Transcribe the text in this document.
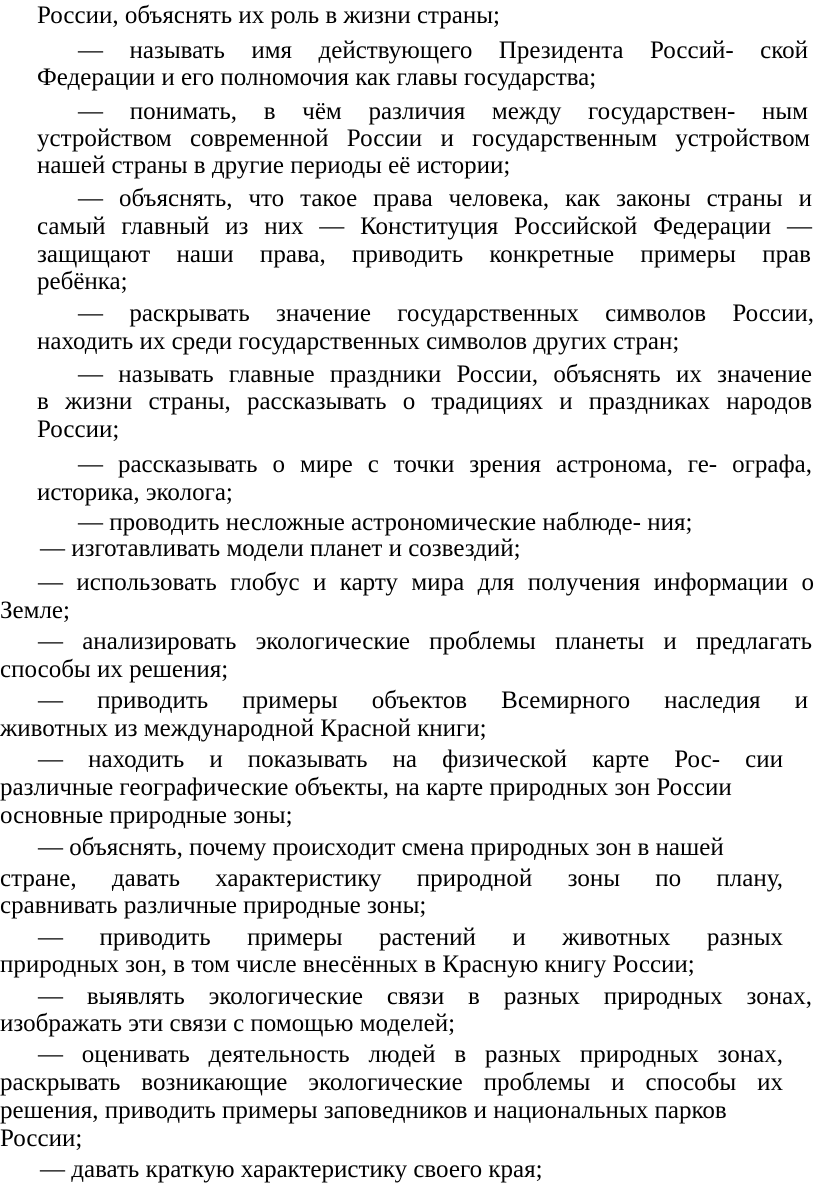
России, объяснять их роль в жизни страны;
— называть имя действующего Президента Россий- ской
Федерации и его полномочия как главы государства;
— понимать, в чём различия между государствен- ным
устройством современной России и государственным устройством
нашей страны в другие периоды её истории;
— объяснять, что такое права человека, как законы страны и
самый главный из них — Конституция Российской Федерации —
защищают наши права, приводить конкретные примеры прав
ребёнка;
— раскрывать значение государственных символов России,
находить их среди государственных символов других стран;
— называть главные праздники России, объяснять их значение
в жизни страны, рассказывать о традициях и праздниках народов
России;
— рассказывать о мире с точки зрения астронома, ге- ографа,
историка, эколога;
— проводить несложные астрономические наблюде- ния;
— изготавливать модели планет и созвездий;
— использовать глобус и карту мира для получения информации о
Земле;
— анализировать экологические проблемы планеты и предлагать
способы их решения;
— приводить примеры объектов Всемирного наследия и
животных из международной Красной книги;
— находить и показывать на физической карте Рос- сии
различные географические объекты, на карте природных зон России
основные природные зоны;
— объяснять, почему происходит смена природных зон в нашей
стране, давать характеристику природной зоны по плану,
сравнивать различные природные зоны;
— приводить примеры растений и животных разных
природных зон, в том числе внесённых в Красную книгу России;
— выявлять экологические связи в разных природных зонах,
изображать эти связи с помощью моделей;
— оценивать деятельность людей в разных природных зонах,
раскрывать возникающие экологические проблемы и способы их
решения, приводить примеры заповедников и национальных парков
России;
— давать краткую характеристику своего края;
